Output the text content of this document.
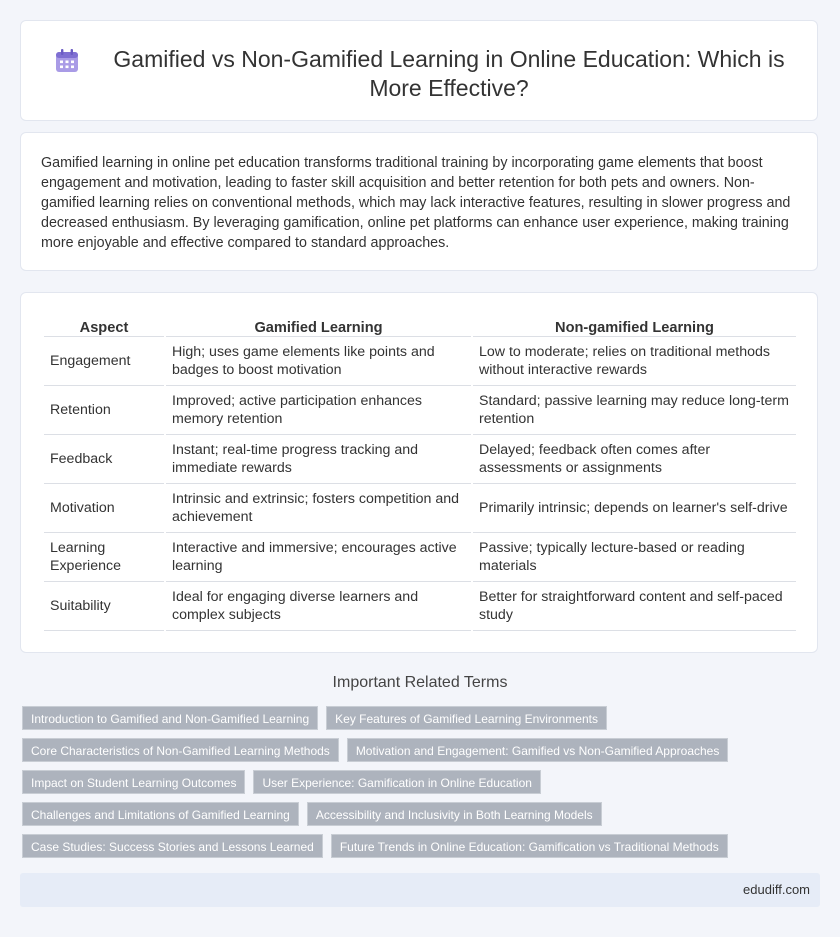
Gamified vs Non-Gamified Learning in Online Education: Which is More Effective?
Gamified learning in online pet education transforms traditional training by incorporating game elements that boost engagement and motivation, leading to faster skill acquisition and better retention for both pets and owners. Non-gamified learning relies on conventional methods, which may lack interactive features, resulting in slower progress and decreased enthusiasm. By leveraging gamification, online pet platforms can enhance user experience, making training more enjoyable and effective compared to standard approaches.
Aspect	Gamified Learning	Non-gamified Learning
Engagement	High; uses game elements like points and badges to boost motivation	Low to moderate; relies on traditional methods without interactive rewards
Retention	Improved; active participation enhances memory retention	Standard; passive learning may reduce long-term retention
Feedback	Instant; real-time progress tracking and immediate rewards	Delayed; feedback often comes after assessments or assignments
Motivation	Intrinsic and extrinsic; fosters competition and achievement	Primarily intrinsic; depends on learner's self-drive
Learning Experience	Interactive and immersive; encourages active learning	Passive; typically lecture-based or reading materials
Suitability	Ideal for engaging diverse learners and complex subjects	Better for straightforward content and self-paced study
Important Related Terms
Introduction to Gamified and Non-Gamified Learning	Key Features of Gamified Learning Environments
Core Characteristics of Non-Gamified Learning Methods	Motivation and Engagement: Gamified vs Non-Gamified Approaches
Impact on Student Learning Outcomes	User Experience: Gamification in Online Education
Challenges and Limitations of Gamified Learning	Accessibility and Inclusivity in Both Learning Models
Case Studies: Success Stories and Lessons Learned	Future Trends in Online Education: Gamification vs Traditional Methods
edudiff.com
